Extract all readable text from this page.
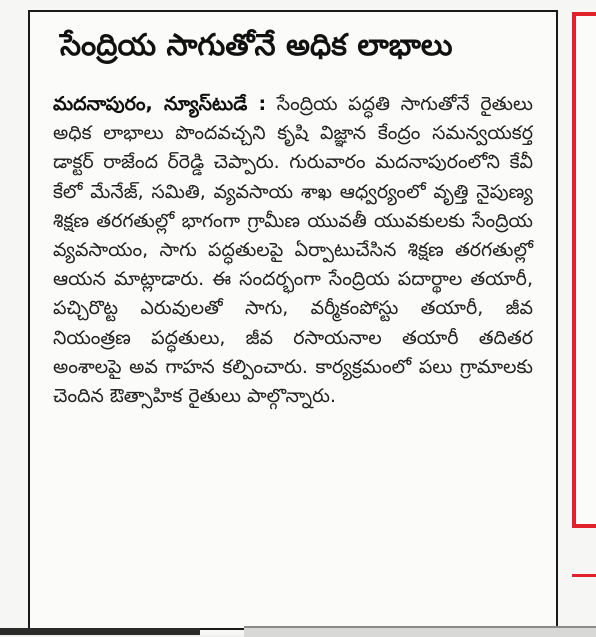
సేంద్రియ సాగుతోనే అధిక లాభాలు

మదనాపురం, న్యూస్‌టుడే : సేంద్రియ పద్ధతి సాగుతోనే రైతులు అధిక లాభాలు పొందవచ్చని కృషి విజ్ఞాన కేంద్రం సమన్వయకర్త డాక్టర్ రాజేంద ర్‌రెడ్డి చెప్పారు. గురువారం మదనాపురంలోని కేవీ కేలో మేనేజ్, సమితి, వ్యవసాయ శాఖ ఆధ్వర్యంలో వృత్తి నైపుణ్య శిక్షణ తరగతుల్లో భాగంగా గ్రామీణ యువతీ యువకులకు సేంద్రియ వ్యవసాయం, సాగు పద్ధతులపై ఏర్పాటుచేసిన శిక్షణ తరగతుల్లో ఆయన మాట్లాడారు. ఈ సందర్భంగా సేంద్రియ పదార్థాల తయారీ, పచ్చిరొట్ట ఎరువులతో సాగు, వర్మీకంపోస్టు తయారీ, జీవ నియంత్రణ పద్ధతులు, జీవ రసాయనాల తయారీ తదితర అంశాలపై అవ గాహన కల్పించారు. కార్యక్రమంలో పలు గ్రామాలకు చెందిన ఔత్సాహిక రైతులు పాల్గొన్నారు.
